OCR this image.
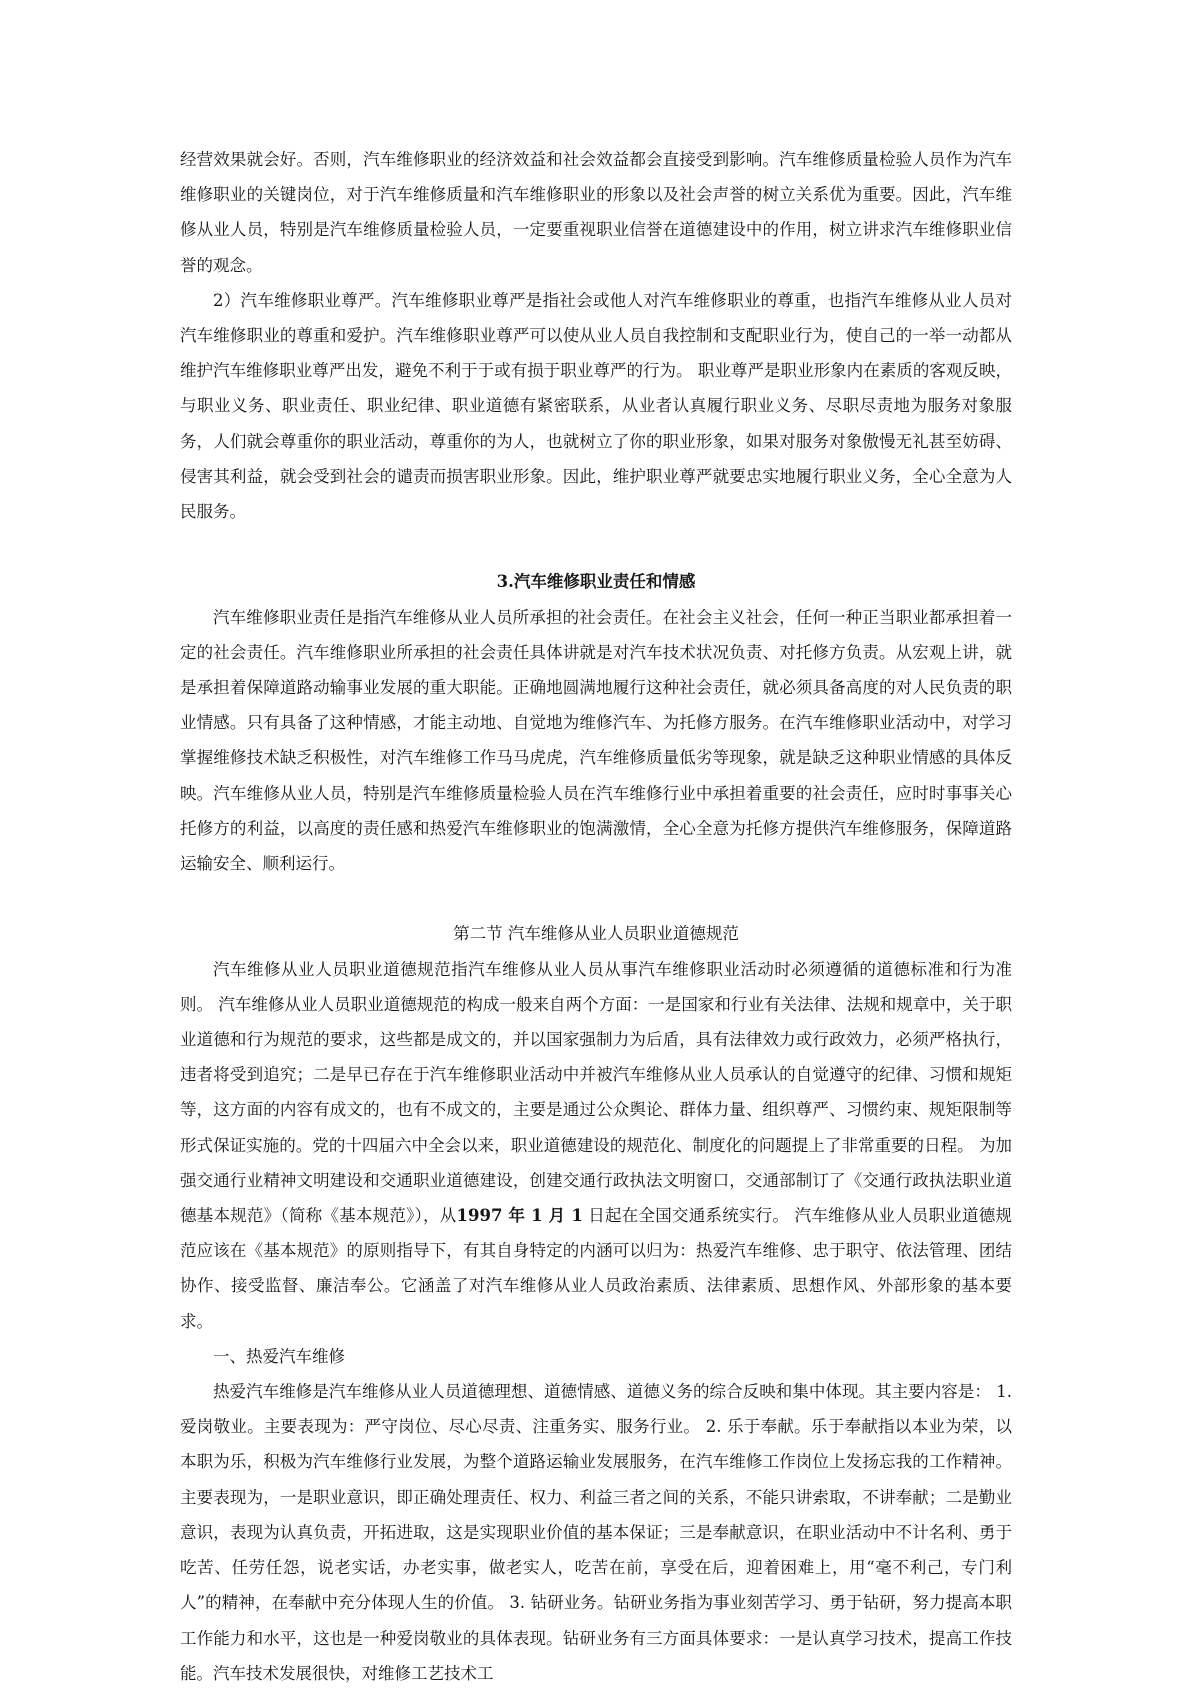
经营效果就会好。否则，汽车维修职业的经济效益和社会效益都会直接受到影响。汽车维修质量检验人员作为汽车维修职业的关键岗位，对于汽车维修质量和汽车维修职业的形象以及社会声誉的树立关系优为重要。因此，汽车维修从业人员，特别是汽车维修质量检验人员，一定要重视职业信誉在道德建设中的作用，树立讲求汽车维修职业信誉的观念。

2）汽车维修职业尊严。汽车维修职业尊严是指社会或他人对汽车维修职业的尊重，也指汽车维修从业人员对汽车维修职业的尊重和爱护。汽车维修职业尊严可以使从业人员自我控制和支配职业行为，使自己的一举一动都从维护汽车维修职业尊严出发，避免不利于于或有损于职业尊严的行为。 职业尊严是职业形象内在素质的客观反映，与职业义务、职业责任、职业纪律、职业道德有紧密联系，从业者认真履行职业义务、尽职尽责地为服务对象服务，人们就会尊重你的职业活动，尊重你的为人，也就树立了你的职业形象，如果对服务对象傲慢无礼甚至妨碍、侵害其利益，就会受到社会的谴责而损害职业形象。因此，维护职业尊严就要忠实地履行职业义务，全心全意为人民服务。

3.汽车维修职业责任和情感

汽车维修职业责任是指汽车维修从业人员所承担的社会责任。在社会主义社会，任何一种正当职业都承担着一定的社会责任。汽车维修职业所承担的社会责任具体讲就是对汽车技术状况负责、对托修方负责。从宏观上讲，就是承担着保障道路动输事业发展的重大职能。正确地圆满地履行这种社会责任，就必须具备高度的对人民负责的职业情感。只有具备了这种情感，才能主动地、自觉地为维修汽车、为托修方服务。在汽车维修职业活动中，对学习掌握维修技术缺乏积极性，对汽车维修工作马马虎虎，汽车维修质量低劣等现象，就是缺乏这种职业情感的具体反映。汽车维修从业人员，特别是汽车维修质量检验人员在汽车维修行业中承担着重要的社会责任，应时时事事关心托修方的利益，以高度的责任感和热爱汽车维修职业的饱满激情，全心全意为托修方提供汽车维修服务，保障道路运输安全、顺利运行。

第二节 汽车维修从业人员职业道德规范

汽车维修从业人员职业道德规范指汽车维修从业人员从事汽车维修职业活动时必须遵循的道德标准和行为准则。 汽车维修从业人员职业道德规范的构成一般来自两个方面：一是国家和行业有关法律、法规和规章中，关于职业道德和行为规范的要求，这些都是成文的，并以国家强制力为后盾，具有法律效力或行政效力，必须严格执行，违者将受到追究；二是早已存在于汽车维修职业活动中并被汽车维修从业人员承认的自觉遵守的纪律、习惯和规矩等，这方面的内容有成文的，也有不成文的，主要是通过公众舆论、群体力量、组织尊严、习惯约束、规矩限制等形式保证实施的。党的十四届六中全会以来，职业道德建设的规范化、制度化的问题提上了非常重要的日程。 为加强交通行业精神文明建设和交通职业道德建设，创建交通行政执法文明窗口，交通部制订了《交通行政执法职业道德基本规范》（简称《基本规范》），从1997 年 1 月 1 日起在全国交通系统实行。 汽车维修从业人员职业道德规范应该在《基本规范》的原则指导下，有其自身特定的内涵可以归为：热爱汽车维修、忠于职守、依法管理、团结协作、接受监督、廉洁奉公。它涵盖了对汽车维修从业人员政治素质、法律素质、思想作风、外部形象的基本要求。

一、热爱汽车维修

热爱汽车维修是汽车维修从业人员道德理想、道德情感、道德义务的综合反映和集中体现。其主要内容是： 1. 爱岗敬业。主要表现为：严守岗位、尽心尽责、注重务实、服务行业。 2. 乐于奉献。乐于奉献指以本业为荣，以本职为乐，积极为汽车维修行业发展，为整个道路运输业发展服务，在汽车维修工作岗位上发扬忘我的工作精神。主要表现为，一是职业意识，即正确处理责任、权力、利益三者之间的关系，不能只讲索取，不讲奉献；二是勤业意识，表现为认真负责，开拓进取，这是实现职业价值的基本保证；三是奉献意识，在职业活动中不计名利、勇于吃苦、任劳任怨，说老实话，办老实事，做老实人，吃苦在前，享受在后，迎着困难上，用“毫不利己，专门利人”的精神，在奉献中充分体现人生的价值。 3. 钻研业务。钻研业务指为事业刻苦学习、勇于钻研，努力提高本职工作能力和水平，这也是一种爱岗敬业的具体表现。钻研业务有三方面具体要求：一是认真学习技术，提高工作技能。汽车技术发展很快，对维修工艺技术工
